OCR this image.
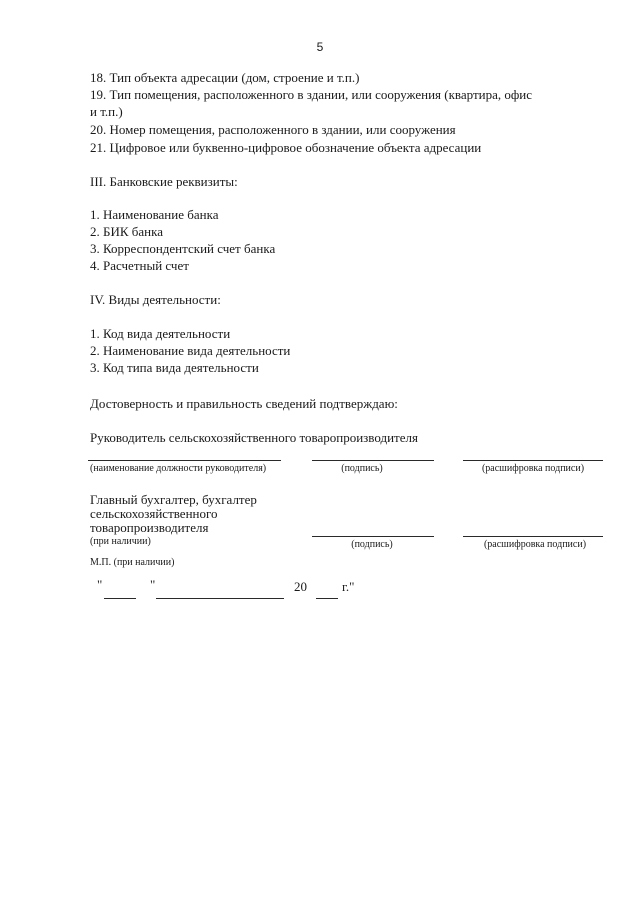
5
18. Тип объекта адресации (дом, строение и т.п.)
19. Тип помещения, расположенного в здании, или сооружения (квартира, офис
и т.п.)
20. Номер помещения, расположенного в здании, или сооружения
21. Цифровое или буквенно-цифровое обозначение объекта адресации
III. Банковские реквизиты:
1. Наименование банка
2. БИК банка
3. Корреспондентский счет банка
4. Расчетный счет
IV. Виды деятельности:
1. Код вида деятельности
2. Наименование вида деятельности
3. Код типа вида деятельности
Достоверность и правильность сведений подтверждаю:
Руководитель сельскохозяйственного товаропроизводителя
(наименование должности руководителя)	(подпись)	(расшифровка подписи)
Главный бухгалтер, бухгалтер
сельскохозяйственного
товаропроизводителя
(при наличии)	(подпись)	(расшифровка подписи)
М.П. (при наличии)
"	"	20	г."
